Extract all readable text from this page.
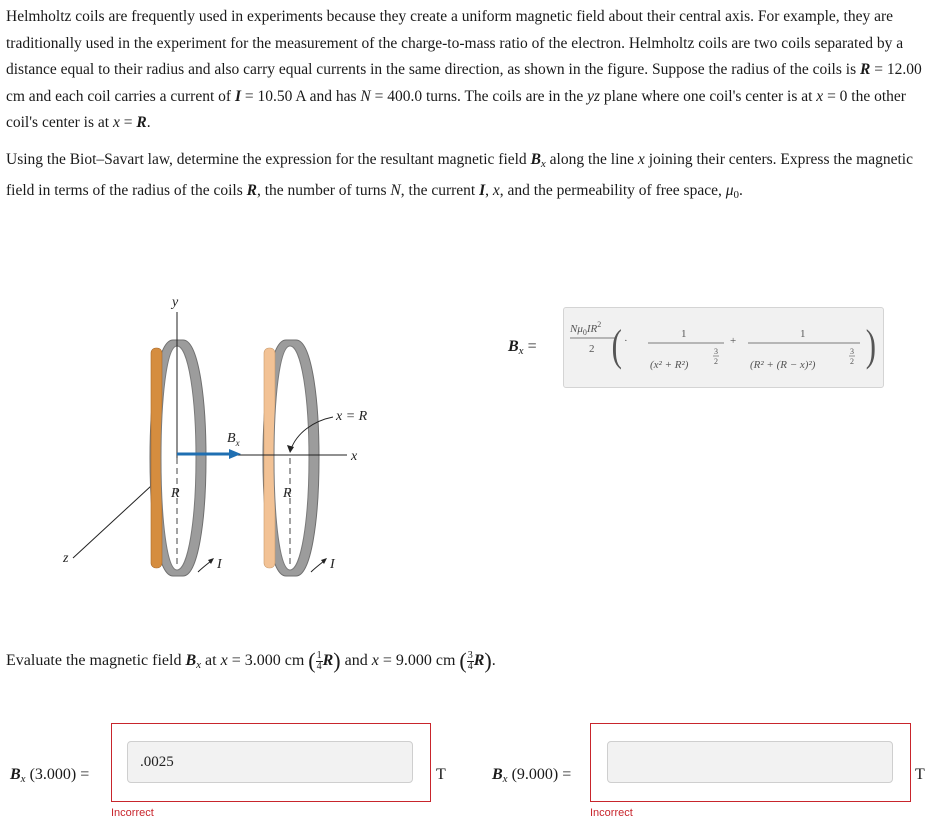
Helmholtz coils are frequently used in experiments because they create a uniform magnetic field about their central axis. For example, they are traditionally used in the experiment for the measurement of the charge-to-mass ratio of the electron. Helmholtz coils are two coils separated by a distance equal to their radius and also carry equal currents in the same direction, as shown in the figure. Suppose the radius of the coils is R = 12.00 cm and each coil carries a current of I = 10.50 A and has N = 400.0 turns. The coils are in the yz plane where one coil's center is at x = 0 the other coil's center is at x = R.

Using the Biot–Savart law, determine the expression for the resultant magnetic field $B_x$ along the line x joining their centers. Express the magnetic field in terms of the radius of the coils R, the number of turns N, the current I, x, and the permeability of free space, μ0.

y
z
R	R
x
$B_x$
x = R
I	I
$B_x$ =
$N\mu_0IR^2$
2
·
(	1
(x² + R²)
3
2
+
1
(R² + (R − x)²)
3
2 )
Evaluate the magnetic field $B_x$ at x = 3.000 cm ( $\frac{1}{4} R$) and x = 9.000 cm ( $\frac{3}{4} R$).
$B_x$ (3.000) =
.0025	T
Incorrect
$B_x$ (9.000) =	T
Incorrect
